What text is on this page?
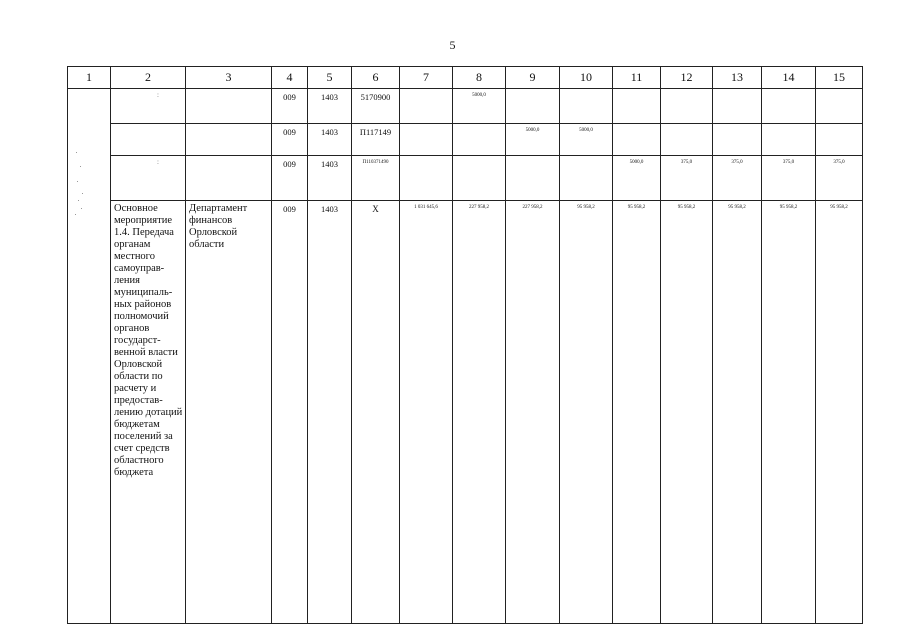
5
1	2	3	4	5	6	7	8	9	10	11	12	13	14	15
	:		009	1403	5170900		5000,0							
			009	1403	П117149			5000,0	5000,0					
	:		009	1403	П110371490					5000,0	375,0	375,0	375,0	375,0
	Основное мероприятие 1.4. Передача органам местного самоуправ-ления муниципаль-ных районов полномочий органов государст-венной власти Орловской области по расчету и предостав-лению дотаций бюджетам поселений за счет средств областного бюджета	Департамент финансов Орловской области	009	1403	Х	1 031 645,6	227 958,2	227 958,2	95 958,2	95 958,2	95 958,2	95 958,2	95 958,2	95 958,2
